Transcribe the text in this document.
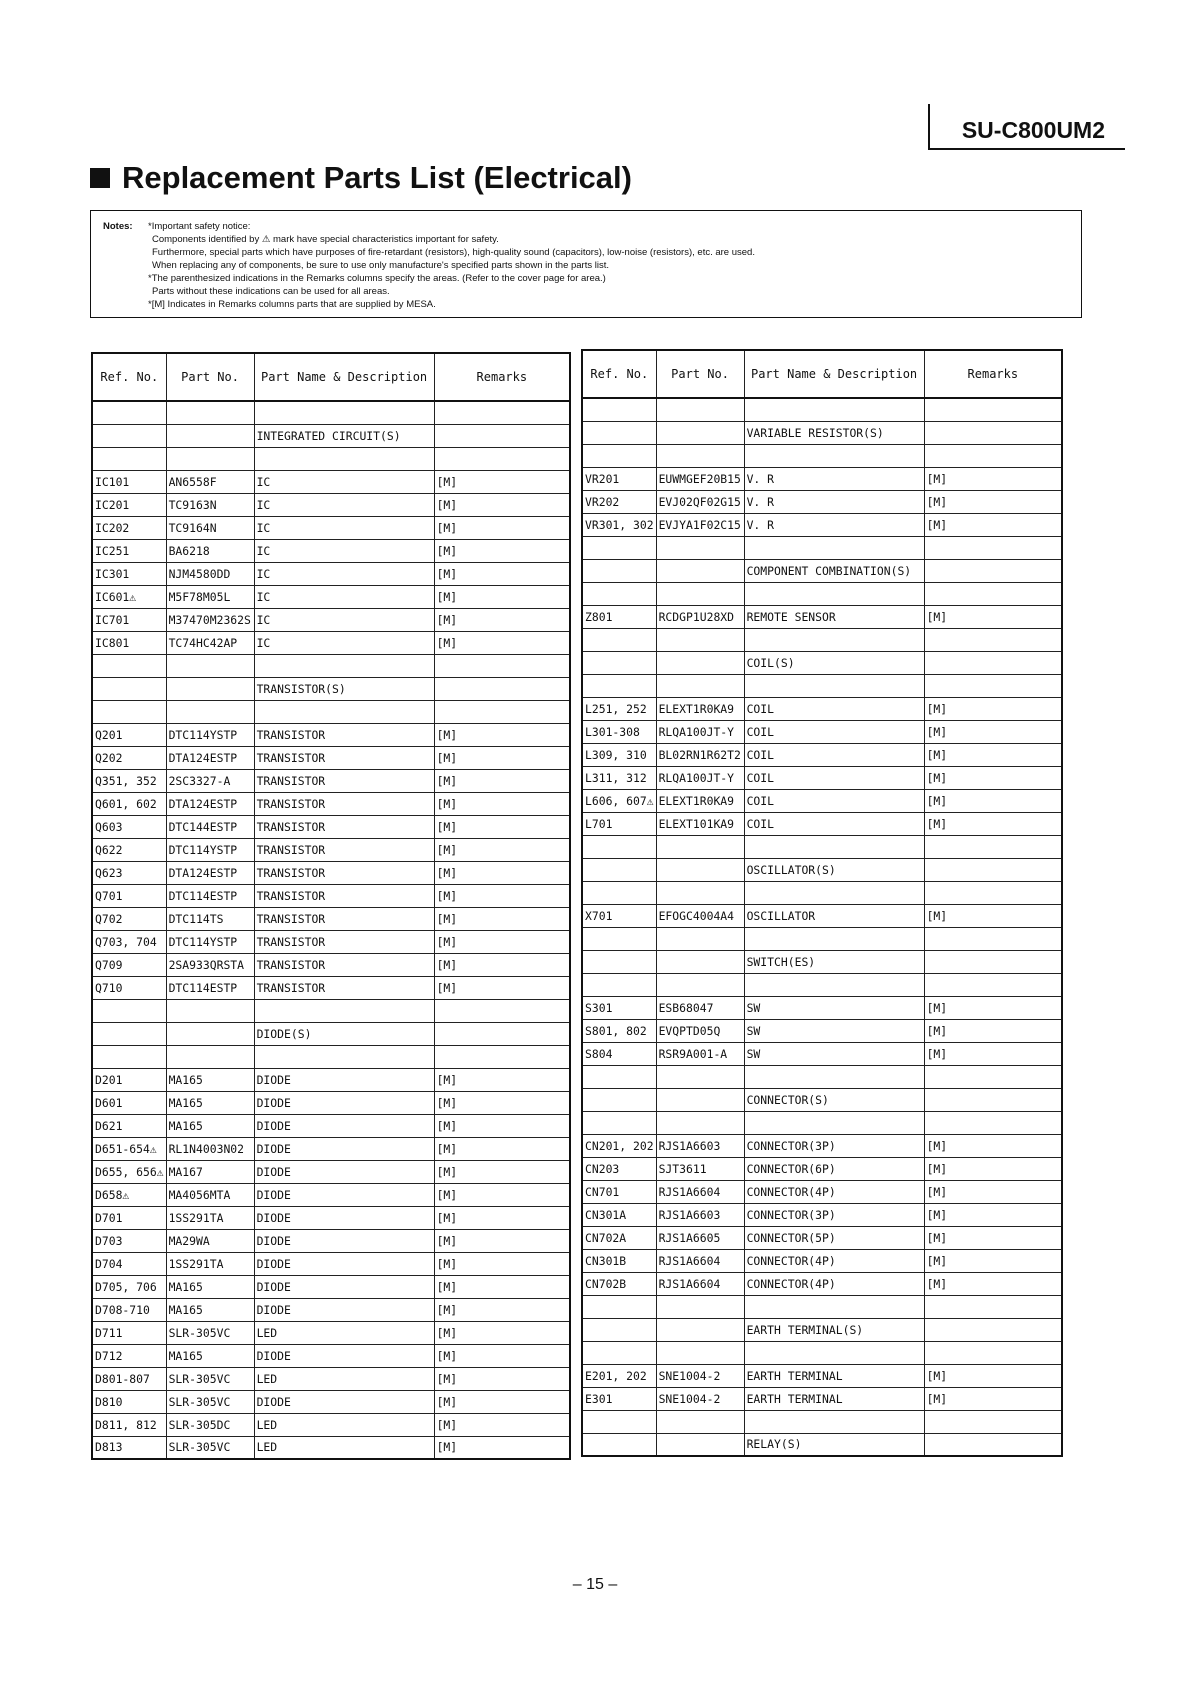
SU-C800UM2
Replacement Parts List (Electrical)
Notes:	*Important safety notice:

Components identified by ⚠ mark have special characteristics important for safety.

Furthermore, special parts which have purposes of fire-retardant (resistors), high-quality sound (capacitors), low-noise (resistors), etc. are used.

When replacing any of components, be sure to use only manufacture's specified parts shown in the parts list.

*The parenthesized indications in the Remarks columns specify the areas. (Refer to the cover page for area.)

Parts without these indications can be used for all areas.

*[M] Indicates in Remarks columns parts that are supplied by MESA.

Ref. No.	Part No.	Part Name & Description	Remarks

		INTEGRATED CIRCUIT(S)	

IC101	AN6558F	IC	[M]
IC201	TC9163N	IC	[M]
IC202	TC9164N	IC	[M]
IC251	BA6218	IC	[M]
IC301	NJM4580DD	IC	[M]
IC601⚠	M5F78M05L	IC	[M]
IC701	M37470M2362S	IC	[M]
IC801	TC74HC42AP	IC	[M]

		TRANSISTOR(S)	

Q201	DTC114YSTP	TRANSISTOR	[M]
Q202	DTA124ESTP	TRANSISTOR	[M]
Q351, 352	2SC3327-A	TRANSISTOR	[M]
Q601, 602	DTA124ESTP	TRANSISTOR	[M]
Q603	DTC144ESTP	TRANSISTOR	[M]
Q622	DTC114YSTP	TRANSISTOR	[M]
Q623	DTA124ESTP	TRANSISTOR	[M]
Q701	DTC114ESTP	TRANSISTOR	[M]
Q702	DTC114TS	TRANSISTOR	[M]
Q703, 704	DTC114YSTP	TRANSISTOR	[M]
Q709	2SA933QRSTA	TRANSISTOR	[M]
Q710	DTC114ESTP	TRANSISTOR	[M]

		DIODE(S)	

D201	MA165	DIODE	[M]
D601	MA165	DIODE	[M]
D621	MA165	DIODE	[M]
D651-654⚠	RL1N4003N02	DIODE	[M]
D655, 656⚠	MA167	DIODE	[M]
D658⚠	MA4056MTA	DIODE	[M]
D701	1SS291TA	DIODE	[M]
D703	MA29WA	DIODE	[M]
D704	1SS291TA	DIODE	[M]
D705, 706	MA165	DIODE	[M]
D708-710	MA165	DIODE	[M]
D711	SLR-305VC	LED	[M]
D712	MA165	DIODE	[M]
D801-807	SLR-305VC	LED	[M]
D810	SLR-305VC	DIODE	[M]
D811, 812	SLR-305DC	LED	[M]
D813	SLR-305VC	LED	[M]
Ref. No.	Part No.	Part Name & Description	Remarks

		VARIABLE RESISTOR(S)	

VR201	EUWMGEF20B15	V. R	[M]
VR202	EVJ02QF02G15	V. R	[M]
VR301, 302	EVJYA1F02C15	V. R	[M]

		COMPONENT COMBINATION(S)	

Z801	RCDGP1U28XD	REMOTE SENSOR	[M]

		COIL(S)	

L251, 252	ELEXT1R0KA9	COIL	[M]
L301-308	RLQA100JT-Y	COIL	[M]
L309, 310	BL02RN1R62T2	COIL	[M]
L311, 312	RLQA100JT-Y	COIL	[M]
L606, 607⚠	ELEXT1R0KA9	COIL	[M]
L701	ELEXT101KA9	COIL	[M]

		OSCILLATOR(S)	

X701	EFOGC4004A4	OSCILLATOR	[M]

		SWITCH(ES)	

S301	ESB68047	SW	[M]
S801, 802	EVQPTD05Q	SW	[M]
S804	RSR9A001-A	SW	[M]

		CONNECTOR(S)	

CN201, 202	RJS1A6603	CONNECTOR(3P)	[M]
CN203	SJT3611	CONNECTOR(6P)	[M]
CN701	RJS1A6604	CONNECTOR(4P)	[M]
CN301A	RJS1A6603	CONNECTOR(3P)	[M]
CN702A	RJS1A6605	CONNECTOR(5P)	[M]
CN301B	RJS1A6604	CONNECTOR(4P)	[M]
CN702B	RJS1A6604	CONNECTOR(4P)	[M]

		EARTH TERMINAL(S)	

E201, 202	SNE1004-2	EARTH TERMINAL	[M]
E301	SNE1004-2	EARTH TERMINAL	[M]

		RELAY(S)	
– 15 –
